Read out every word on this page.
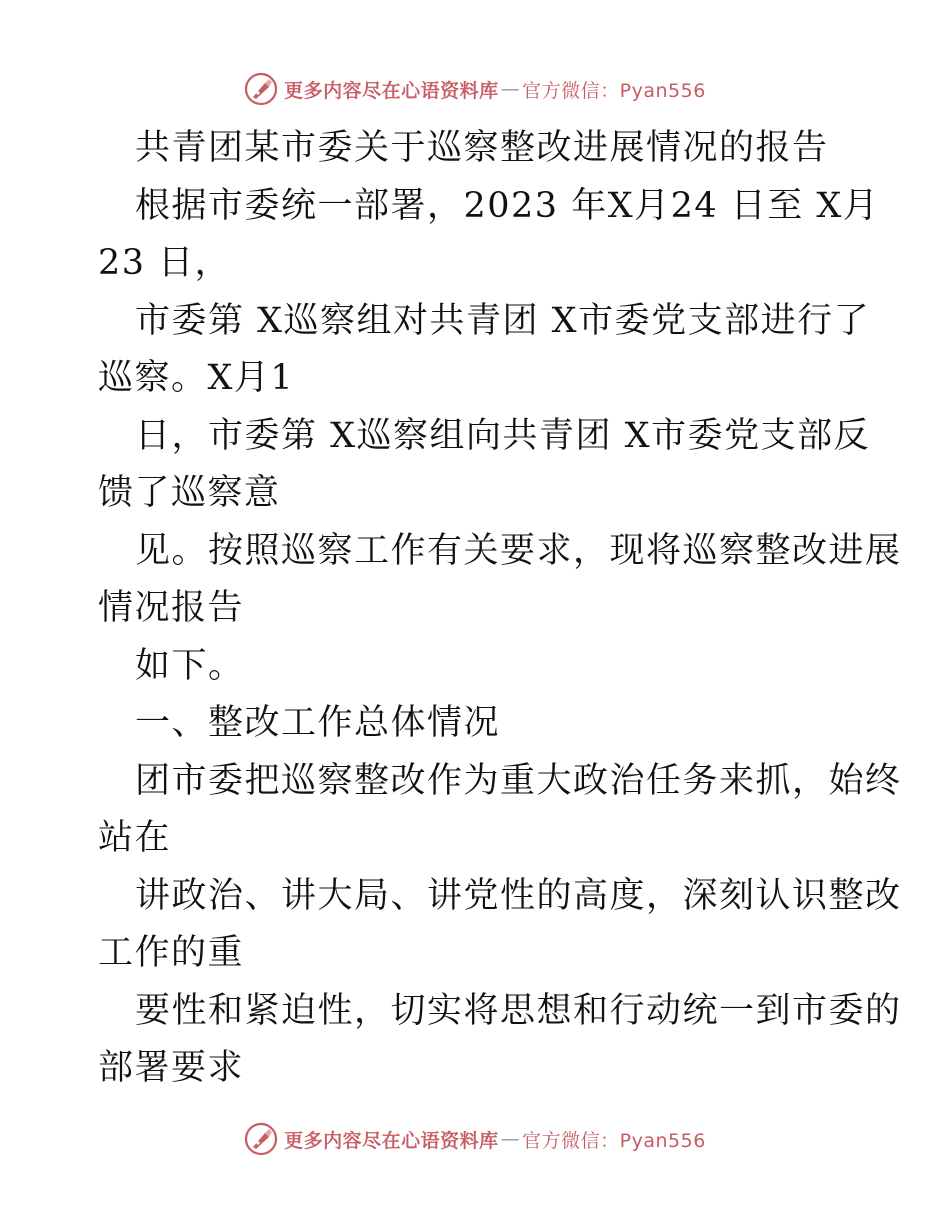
更多内容尽在心语资料库 — 官方微信：Pyan556
共青团某市委关于巡察整改进展情况的报告
根据市委统一部署，2023 年X月24 日至 X月
23 日，
市委第 X巡察组对共青团 X市委党支部进行了
巡察。X月1
日，市委第 X巡察组向共青团 X市委党支部反
馈了巡察意
见。按照巡察工作有关要求，现将巡察整改进展
情况报告
如下。
一、整改工作总体情况
团市委把巡察整改作为重大政治任务来抓，始终
站在
讲政治、讲大局、讲党性的高度，深刻认识整改
工作的重
要性和紧迫性，切实将思想和行动统一到市委的
部署要求
更多内容尽在心语资料库 — 官方微信：Pyan556
